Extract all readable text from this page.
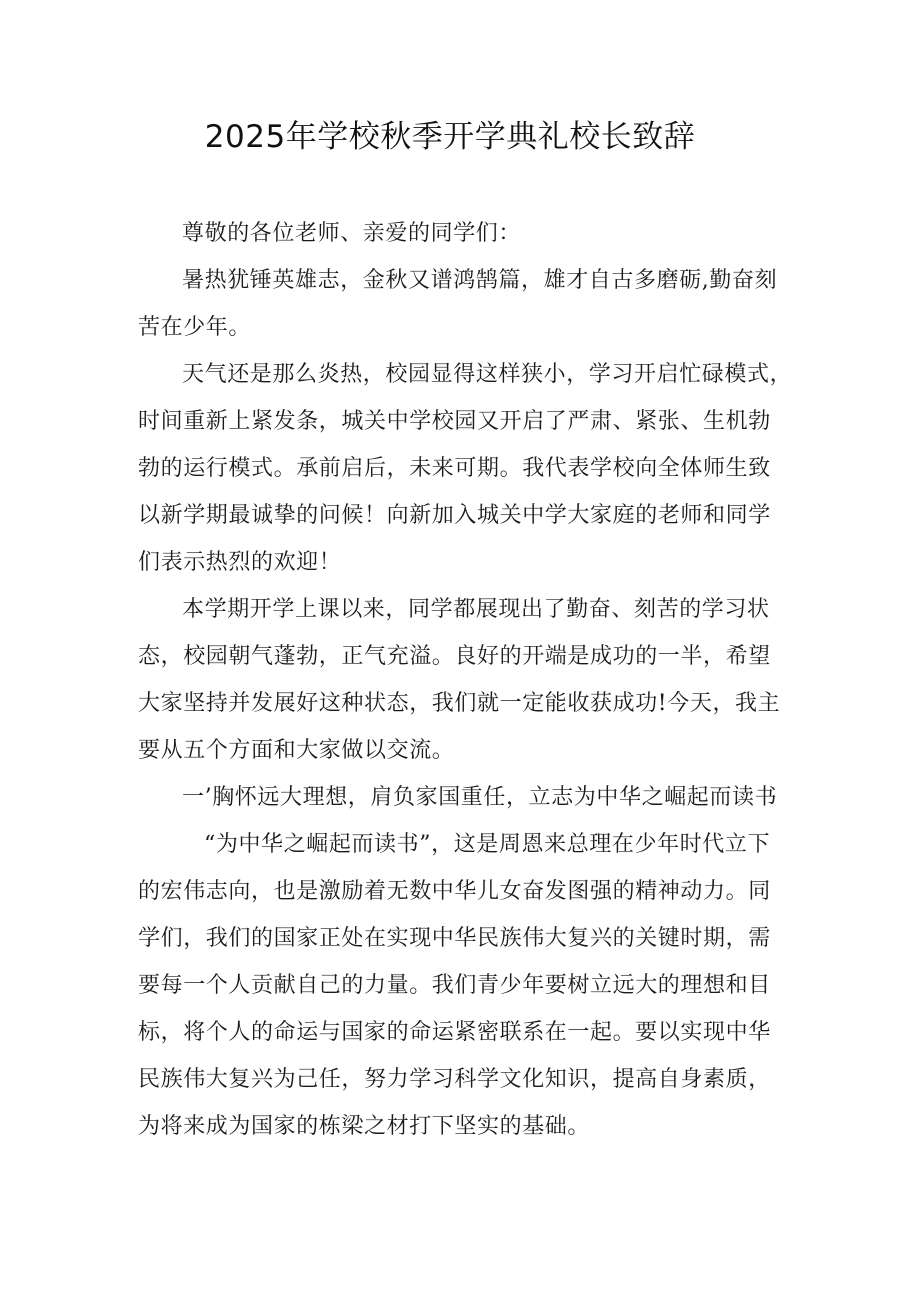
2025年学校秋季开学典礼校长致辞

尊敬的各位老师、亲爱的同学们：

暑热犹锤英雄志，金秋又谱鸿鹄篇，雄才自古多磨砺,勤奋刻
苦在少年。

天气还是那么炎热，校园显得这样狭小，学习开启忙碌模式，
时间重新上紧发条，城关中学校园又开启了严肃、紧张、生机勃
勃的运行模式。承前启后，未来可期。我代表学校向全体师生致
以新学期最诚挚的问候！向新加入城关中学大家庭的老师和同学
们表示热烈的欢迎！

本学期开学上课以来，同学都展现出了勤奋、刻苦的学习状
态，校园朝气蓬勃，正气充溢。良好的开端是成功的一半，希望
大家坚持并发展好这种状态，我们就一定能收获成功!今天，我主
要从五个方面和大家做以交流。

一’胸怀远大理想，肩负家国重任，立志为中华之崛起而读书

“为中华之崛起而读书”，这是周恩来总理在少年时代立下
的宏伟志向，也是激励着无数中华儿女奋发图强的精神动力。同
学们，我们的国家正处在实现中华民族伟大复兴的关键时期，需
要每一个人贡献自己的力量。我们青少年要树立远大的理想和目
标，将个人的命运与国家的命运紧密联系在一起。要以实现中华
民族伟大复兴为己任，努力学习科学文化知识，提高自身素质，
为将来成为国家的栋梁之材打下坚实的基础。
